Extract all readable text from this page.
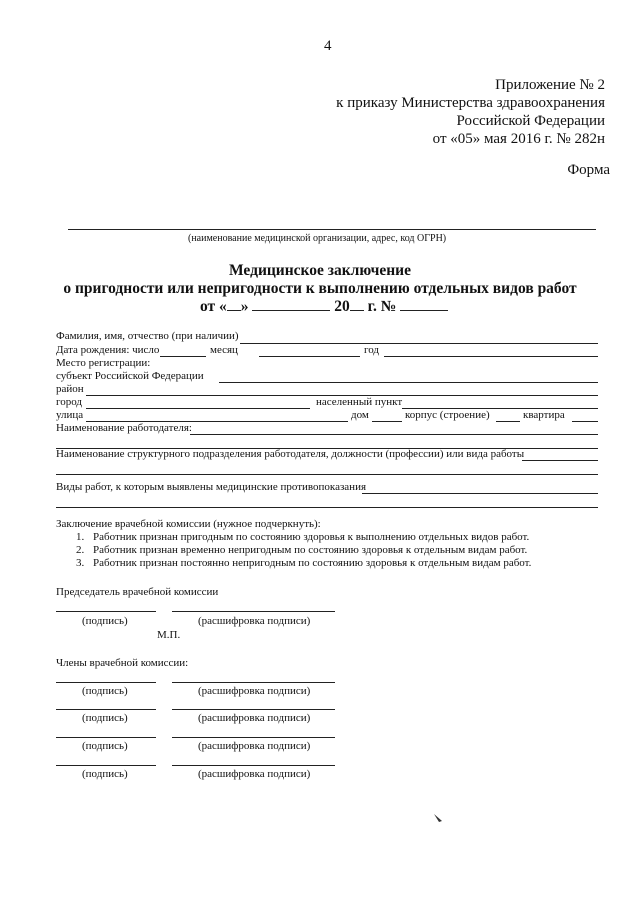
4
Приложение № 2
к приказу Министерства здравоохранения
Российской Федерации
от «05» мая 2016 г. № 282н
Форма
(наименование медицинской организации, адрес, код ОГРН)
Медицинское заключение
о пригодности или непригодности к выполнению отдельных видов работ
от « »	20 г. №
Фамилия, имя, отчество (при наличии)
Дата рождения: число	месяц	год
Место регистрации:
субъект Российской Федерации
район
город	населенный пункт
улица	дом	корпус (строение)	квартира
Наименование работодателя:
Наименование структурного подразделения работодателя, должности (профессии) или вида работы
Виды работ, к которым выявлены медицинские противопоказания
Заключение врачебной комиссии (нужное подчеркнуть):
1. Работник признан пригодным по состоянию здоровья к выполнению отдельных видов работ.
2. Работник признан временно непригодным по состоянию здоровья к отдельным видам работ.
3. Работник признан постоянно непригодным по состоянию здоровья к отдельным видам работ.
Председатель врачебной комиссии
(подпись)	(расшифровка подписи)
М.П.
Члены врачебной комиссии:
(подпись)	(расшифровка подписи)
(подпись)	(расшифровка подписи)
(подпись)	(расшифровка подписи)
(подпись)	(расшифровка подписи)
